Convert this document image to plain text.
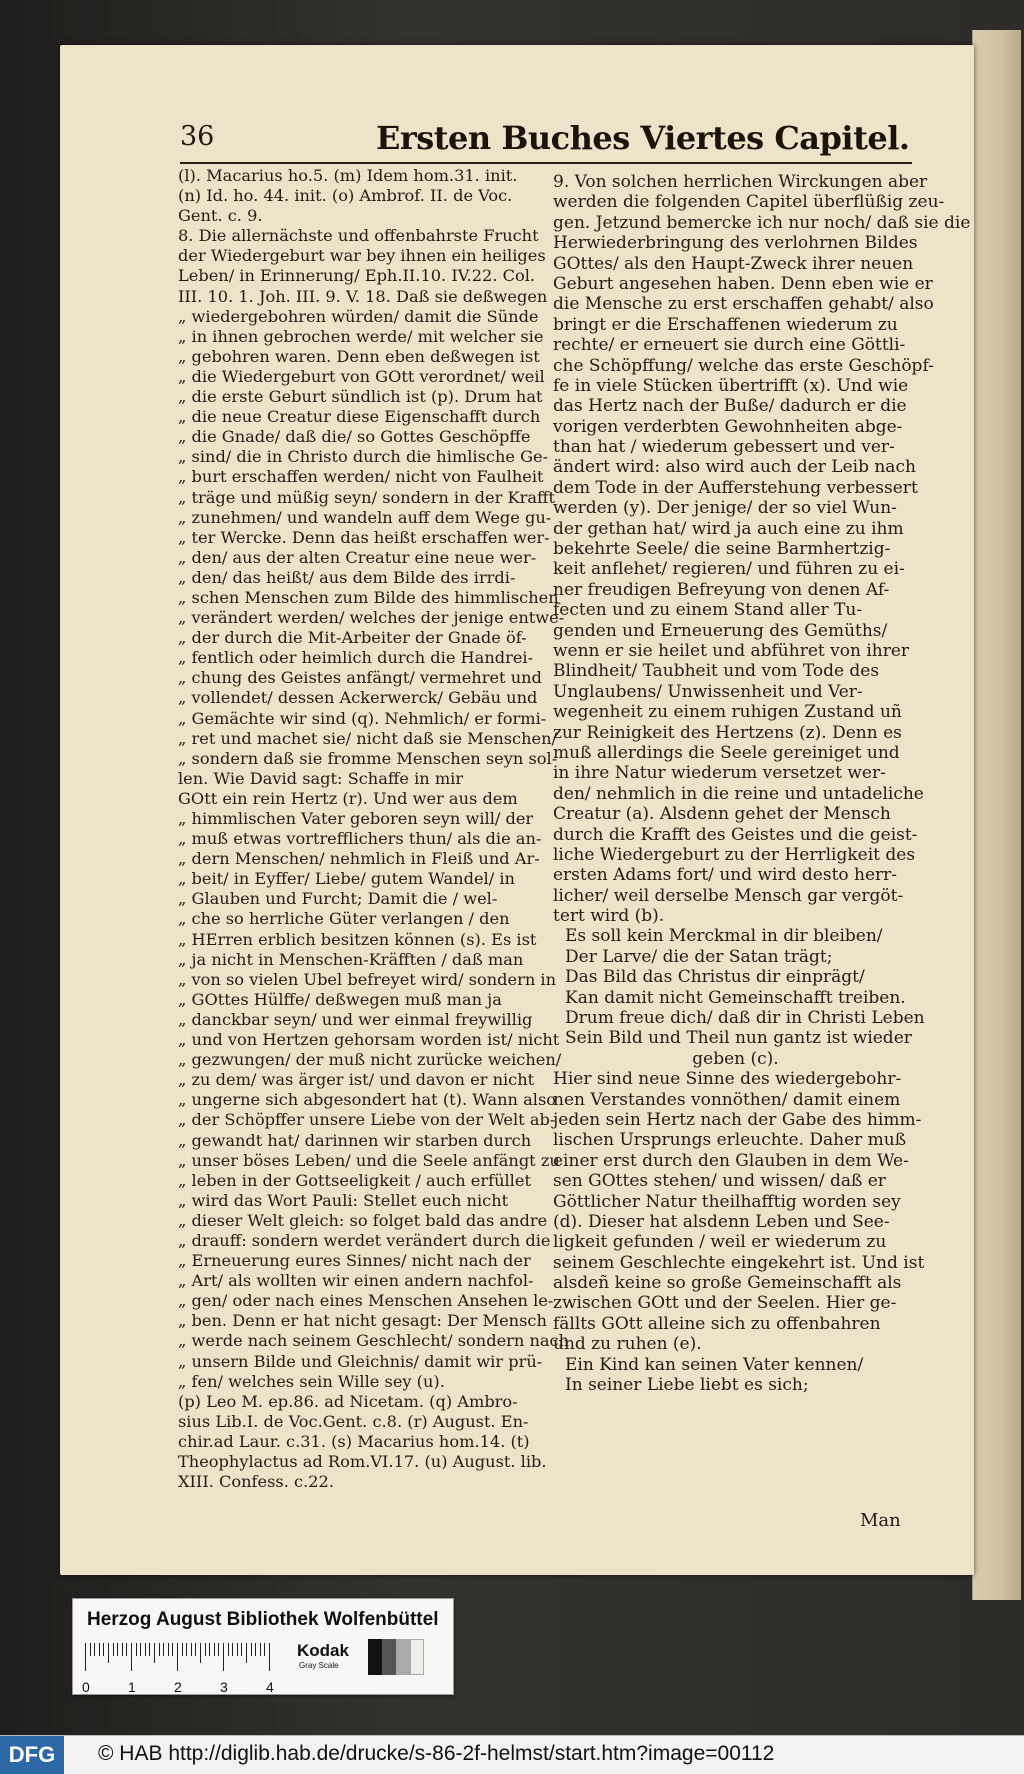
36	Ersten Buches Viertes Capitel.
(l). Macarius ho.5. (m) Idem hom.31. init.
(n) Id. ho. 44. init. (o) Ambrof. II. de Voc.
Gent. c. 9.
8. Die allernächste und offenbahrste Frucht
der Wiedergeburt war bey ihnen ein heiliges
Leben/ in Erinnerung/ Eph.II.10. IV.22. Col.
III. 10. 1. Joh. III. 9. V. 18. Daß sie deßwegen
„ wiedergebohren würden/ damit die Sünde
„ in ihnen gebrochen werde/ mit welcher sie
„ gebohren waren. Denn eben deßwegen ist
„ die Wiedergeburt von GOtt verordnet/ weil
„ die erste Geburt sündlich ist (p). Drum hat
„ die neue Creatur diese Eigenschafft durch
„ die Gnade/ daß die/ so Gottes Geschöpffe
„ sind/ die in Christo durch die himlische Ge-
„ burt erschaffen werden/ nicht von Faulheit
„ träge und müßig seyn/ sondern in der Krafft
„ zunehmen/ und wandeln auff dem Wege gu-
„ ter Wercke. Denn das heißt erschaffen wer-
„ den/ aus der alten Creatur eine neue wer-
„ den/ das heißt/ aus dem Bilde des irrdi-
„ schen Menschen zum Bilde des himmlischen
„ verändert werden/ welches der jenige entwe-
„ der durch die Mit-Arbeiter der Gnade öf-
„ fentlich oder heimlich durch die Handrei-
„ chung des Geistes anfängt/ vermehret und
„ vollendet/ dessen Ackerwerck/ Gebäu und
„ Gemächte wir sind (q). Nehmlich/ er formi-
„ ret und machet sie/ nicht daß sie Menschen/
„ sondern daß sie fromme Menschen seyn sol-
len. Wie David sagt: Schaffe in mir
GOtt ein rein Hertz (r). Und wer aus dem
„ himmlischen Vater geboren seyn will/ der
„ muß etwas vortrefflichers thun/ als die an-
„ dern Menschen/ nehmlich in Fleiß und Ar-
„ beit/ in Eyffer/ Liebe/ gutem Wandel/ in
„ Glauben und Furcht; Damit die / wel-
„ che so herrliche Güter verlangen / den
„ HErren erblich besitzen können (s). Es ist
„ ja nicht in Menschen-Kräfften / daß man
„ von so vielen Ubel befreyet wird/ sondern in
„ GOttes Hülffe/ deßwegen muß man ja
„ danckbar seyn/ und wer einmal freywillig
„ und von Hertzen gehorsam worden ist/ nicht
„ gezwungen/ der muß nicht zurücke weichen/
„ zu dem/ was ärger ist/ und davon er nicht
„ ungerne sich abgesondert hat (t). Wann also
„ der Schöpffer unsere Liebe von der Welt ab-
„ gewandt hat/ darinnen wir starben durch
„ unser böses Leben/ und die Seele anfängt zu
„ leben in der Gottseeligkeit / auch erfüllet
„ wird das Wort Pauli: Stellet euch nicht
„ dieser Welt gleich: so folget bald das andre
„ drauff: sondern werdet verändert durch die
„ Erneuerung eures Sinnes/ nicht nach der
„ Art/ als wollten wir einen andern nachfol-
„ gen/ oder nach eines Menschen Ansehen le-
„ ben. Denn er hat nicht gesagt: Der Mensch
„ werde nach seinem Geschlecht/ sondern nach
„ unsern Bilde und Gleichnis/ damit wir prü-
„ fen/ welches sein Wille sey (u).
(p) Leo M. ep.86. ad Nicetam. (q) Ambro-
sius Lib.I. de Voc.Gent. c.8. (r) August. En-
chir.ad Laur. c.31. (s) Macarius hom.14. (t)
Theophylactus ad Rom.VI.17. (u) August. lib.
XIII. Confess. c.22.
9. Von solchen herrlichen Wirckungen aber
werden die folgenden Capitel überflüßig zeu-
gen. Jetzund bemercke ich nur noch/ daß sie die
Herwiederbringung des verlohrnen Bildes
GOttes/ als den Haupt-Zweck ihrer neuen
Geburt angesehen haben. Denn eben wie er
die Mensche zu erst erschaffen gehabt/ also
bringt er die Erschaffenen wiederum zu
rechte/ er erneuert sie durch eine Göttli-
che Schöpffung/ welche das erste Geschöpf-
fe in viele Stücken übertrifft (x). Und wie
das Hertz nach der Buße/ dadurch er die
vorigen verderbten Gewohnheiten abge-
than hat / wiederum gebessert und ver-
ändert wird: also wird auch der Leib nach
dem Tode in der Aufferstehung verbessert
werden (y). Der jenige/ der so viel Wun-
der gethan hat/ wird ja auch eine zu ihm
bekehrte Seele/ die seine Barmhertzig-
keit anflehet/ regieren/ und führen zu ei-
ner freudigen Befreyung von denen Af-
fecten und zu einem Stand aller Tu-
genden und Erneuerung des Gemüths/
wenn er sie heilet und abführet von ihrer
Blindheit/ Taubheit und vom Tode des
Unglaubens/ Unwissenheit und Ver-
wegenheit zu einem ruhigen Zustand uñ
zur Reinigkeit des Hertzens (z). Denn es
muß allerdings die Seele gereiniget und
in ihre Natur wiederum versetzet wer-
den/ nehmlich in die reine und untadeliche
Creatur (a). Alsdenn gehet der Mensch
durch die Krafft des Geistes und die geist-
liche Wiedergeburt zu der Herrligkeit des
ersten Adams fort/ und wird desto herr-
licher/ weil derselbe Mensch gar vergöt-
tert wird (b).
Es soll kein Merckmal in dir bleiben/
Der Larve/ die der Satan trägt;
Das Bild das Christus dir einprägt/
Kan damit nicht Gemeinschafft treiben.
Drum freue dich/ daß dir in Christi Leben
Sein Bild und Theil nun gantz ist wieder
geben (c).
Hier sind neue Sinne des wiedergebohr-
nen Verstandes vonnöthen/ damit einem
jeden sein Hertz nach der Gabe des himm-
lischen Ursprungs erleuchte. Daher muß
einer erst durch den Glauben in dem We-
sen GOttes stehen/ und wissen/ daß er
Göttlicher Natur theilhafftig worden sey
(d). Dieser hat alsdenn Leben und See-
ligkeit gefunden / weil er wiederum zu
seinem Geschlechte eingekehrt ist. Und ist
alsdeñ keine so große Gemeinschafft als
zwischen GOtt und der Seelen. Hier ge-
fällts GOtt alleine sich zu offenbahren
und zu ruhen (e).
Ein Kind kan seinen Vater kennen/
In seiner Liebe liebt es sich;
Man
Herzog August Bibliothek Wolfenbüttel
0	1	2	3	4
Kodak
Gray Scale
DFG	© HAB http://diglib.hab.de/drucke/s-86-2f-helmst/start.htm?image=00112
